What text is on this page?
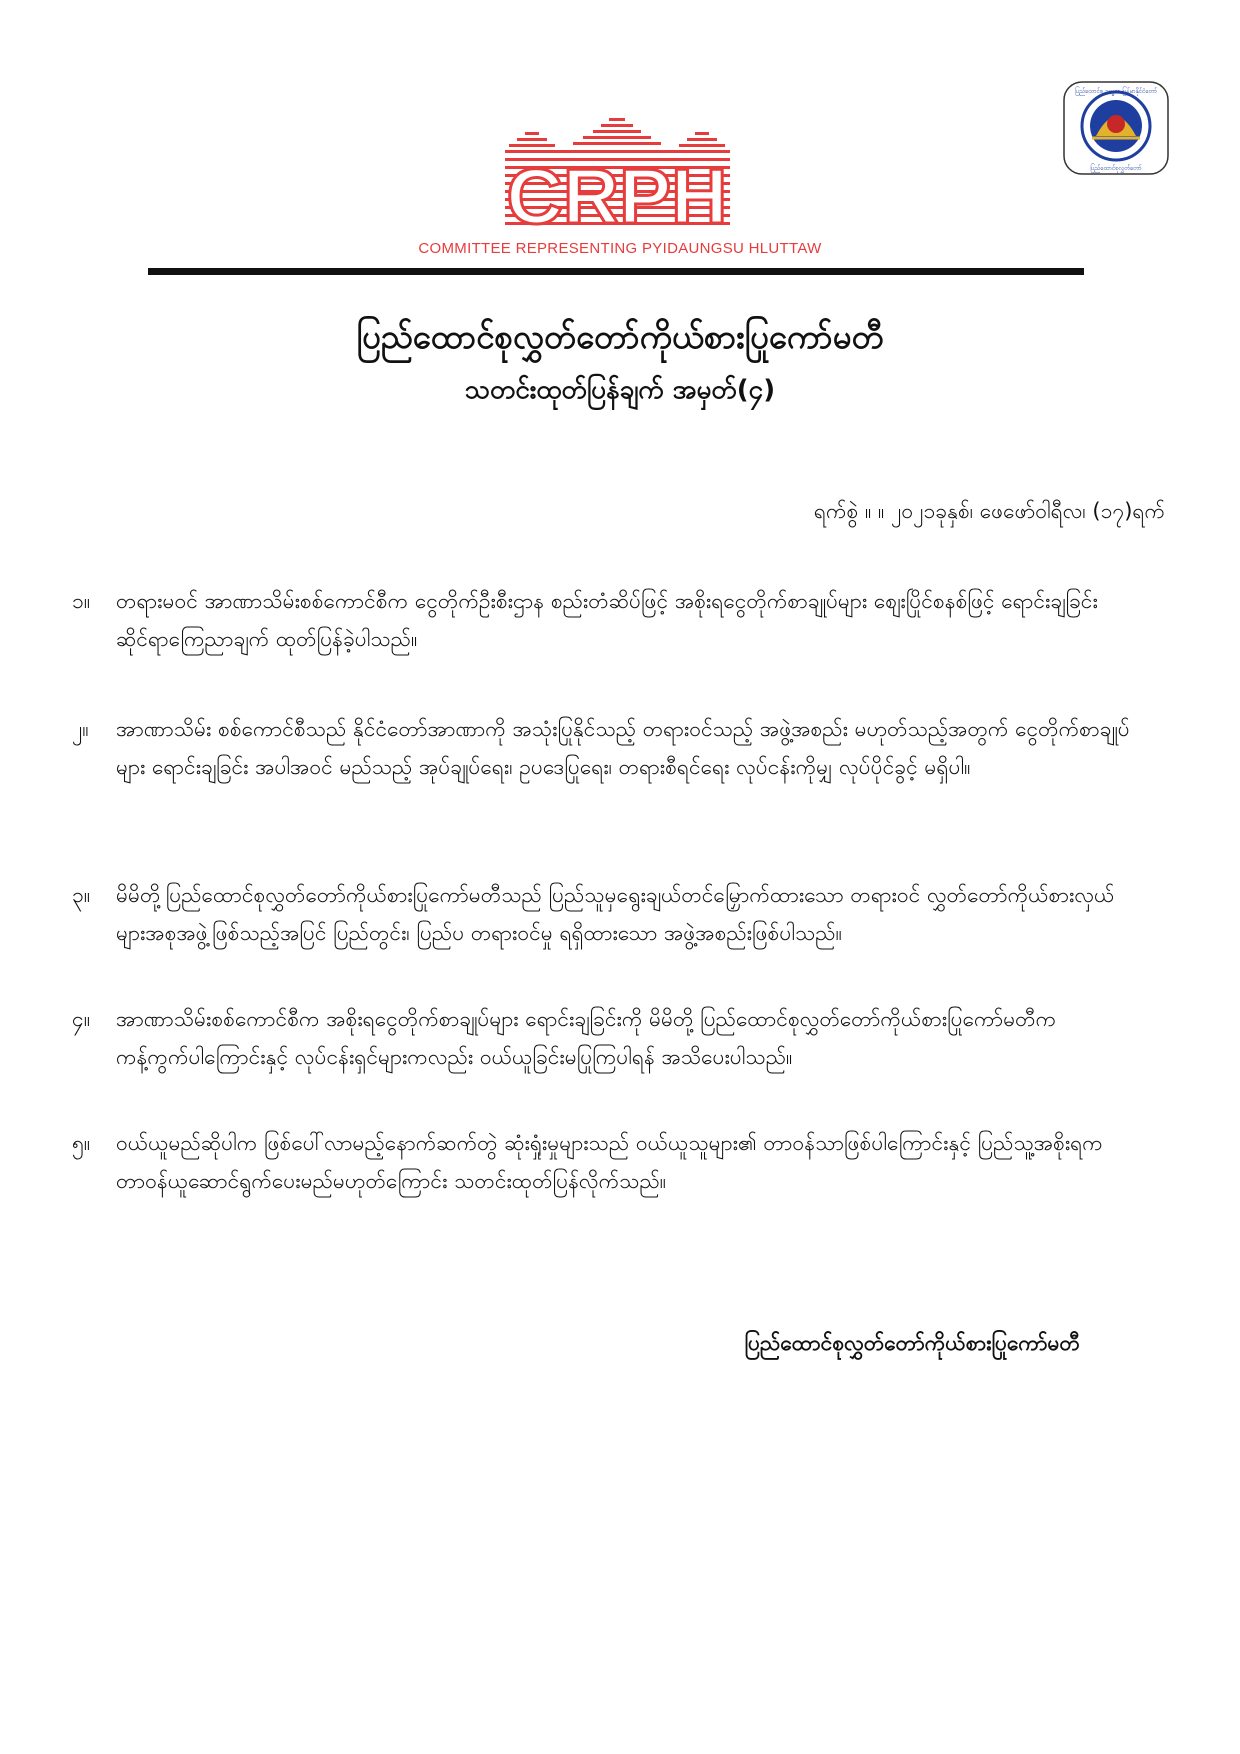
CRPH
COMMITTEE REPRESENTING PYIDAUNGSU HLUTTAW
ပြည်ထောင်စု သမ္မတ မြန်မာနိုင်ငံတော်
ပြည်ထောင်စုလွှတ်တော်
ပြည်ထောင်စုလွှတ်တော်ကိုယ်စားပြုကော်မတီ
သတင်းထုတ်ပြန်ချက် အမှတ်(၄)
ရက်စွဲ ။ ။ ၂၀၂၁ခုနှစ်၊ ဖေဖော်ဝါရီလ၊ (၁၇)ရက်
၁။	တရားမဝင် အာဏာသိမ်းစစ်ကောင်စီက ငွေတိုက်ဦးစီးဌာန စည်းတံဆိပ်ဖြင့် အစိုးရငွေတိုက်စာချုပ်များ စျေးပြိုင်စနစ်ဖြင့် ရောင်းချခြင်းဆိုင်ရာကြေညာချက် ထုတ်ပြန်ခဲ့ပါသည်။
၂။	အာဏာသိမ်း စစ်ကောင်စီသည် နိုင်ငံတော်အာဏာကို အသုံးပြုနိုင်သည့် တရားဝင်သည့် အဖွဲ့အစည်း မဟုတ်သည့်အတွက် ငွေတိုက်စာချုပ်များ ရောင်းချခြင်း အပါအဝင် မည်သည့် အုပ်ချုပ်ရေး၊ ဥပဒေပြုရေး၊ တရားစီရင်ရေး လုပ်ငန်းကိုမျှ လုပ်ပိုင်ခွင့် မရှိပါ။
၃။	မိမိတို့ပြည်ထောင်စုလွှတ်တော်ကိုယ်စားပြုကော်မတီသည် ပြည်သူမှရွေးချယ်တင်မြှောက်ထားသော တရားဝင် လွှတ်တော်ကိုယ်စားလှယ်များအစုအဖွဲ့ဖြစ်သည့်အပြင် ပြည်တွင်း၊ ပြည်ပ တရားဝင်မှု ရရှိထားသော အဖွဲ့အစည်းဖြစ်ပါသည်။
၄။	အာဏာသိမ်းစစ်ကောင်စီက အစိုးရငွေတိုက်စာချုပ်များ ရောင်းချခြင်းကို မိမိတို့ ပြည်ထောင်စုလွှတ်တော်ကိုယ်စားပြုကော်မတီက ကန့်ကွက်ပါကြောင်းနှင့် လုပ်ငန်းရှင်များကလည်း ဝယ်ယူခြင်းမပြုကြပါရန် အသိပေးပါသည်။
၅။	ဝယ်ယူမည်ဆိုပါက ဖြစ်ပေါ်လာမည့်နောက်ဆက်တွဲ ဆုံးရှုံးမှုများသည် ဝယ်ယူသူများ၏ တာဝန်သာဖြစ်ပါကြောင်းနှင့် ပြည်သူ့အစိုးရက တာဝန်ယူဆောင်ရွက်ပေးမည်မဟုတ်ကြောင်း သတင်းထုတ်ပြန်လိုက်သည်။
ပြည်ထောင်စုလွှတ်တော်ကိုယ်စားပြုကော်မတီ
